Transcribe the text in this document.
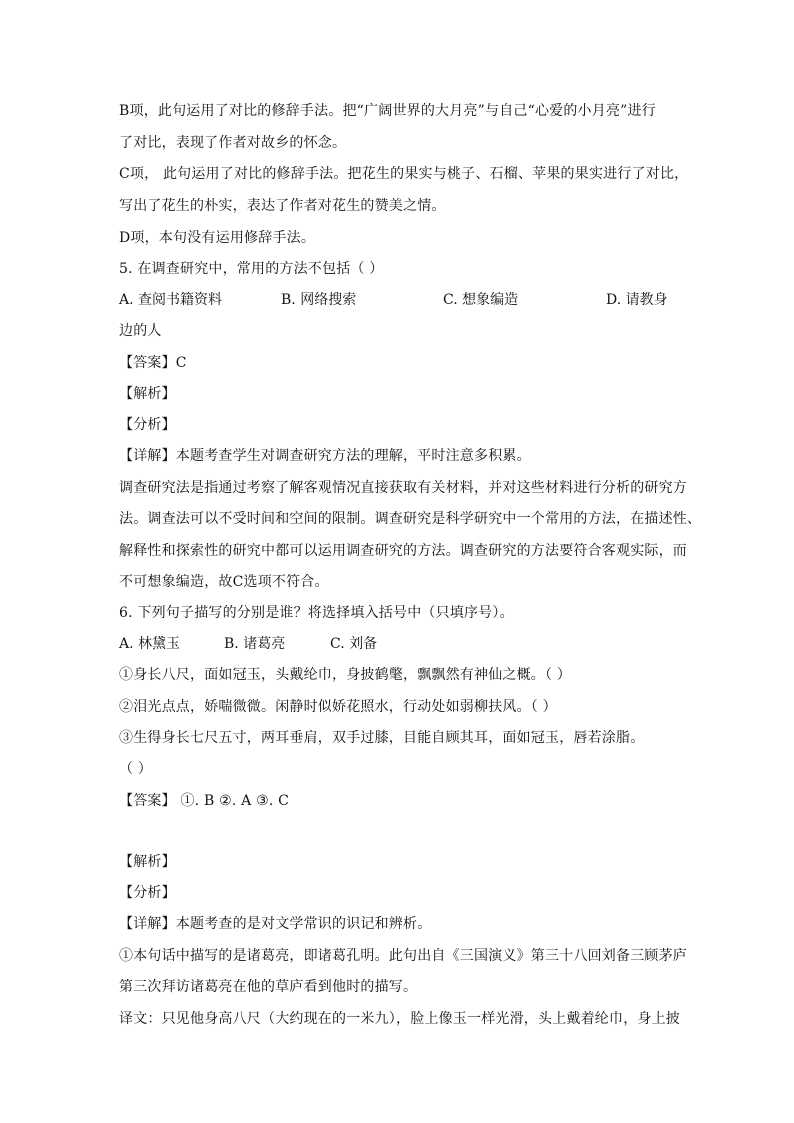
B项，此句运用了对比的修辞手法。把“广阔世界的大月亮”与自己“心爱的小月亮”进行
了对比，表现了作者对故乡的怀念。
C项， 此句运用了对比的修辞手法。把花生的果实与桃子、石榴、苹果的果实进行了对比，
写出了花生的朴实，表达了作者对花生的赞美之情。
D项，本句没有运用修辞手法。
5. 在调查研究中，常用的方法不包括（ ）
A. 查阅书籍资料	B. 网络搜索	C. 想象编造	D. 请教身
边的人
【答案】C
【解析】
【分析】
【详解】本题考查学生对调查研究方法的理解，平时注意多积累。
调查研究法是指通过考察了解客观情况直接获取有关材料，并对这些材料进行分析的研究方
法。调查法可以不受时间和空间的限制。调查研究是科学研究中一个常用的方法，在描述性、
解释性和探索性的研究中都可以运用调查研究的方法。调查研究的方法要符合客观实际，而
不可想象编造，故C选项不符合。
6. 下列句子描写的分别是谁？将选择填入括号中（只填序号）。
A. 林黛玉	B. 诸葛亮	C. 刘备
①身长八尺，面如冠玉，头戴纶巾，身披鹤氅，飘飘然有神仙之概。（ ）
②泪光点点，娇喘微微。闲静时似娇花照水，行动处如弱柳扶风。（ ）
③生得身长七尺五寸，两耳垂肩，双手过膝，目能自顾其耳，面如冠玉，唇若涂脂。
（ ）
【答案】 ①. B ②. A ③. C
【解析】
【分析】
【详解】本题考查的是对文学常识的识记和辨析。
①本句话中描写的是诸葛亮，即诸葛孔明。此句出自《三国演义》第三十八回刘备三顾茅庐
第三次拜访诸葛亮在他的草庐看到他时的描写。
译文：只见他身高八尺（大约现在的一米九），脸上像玉一样光滑，头上戴着纶巾，身上披
